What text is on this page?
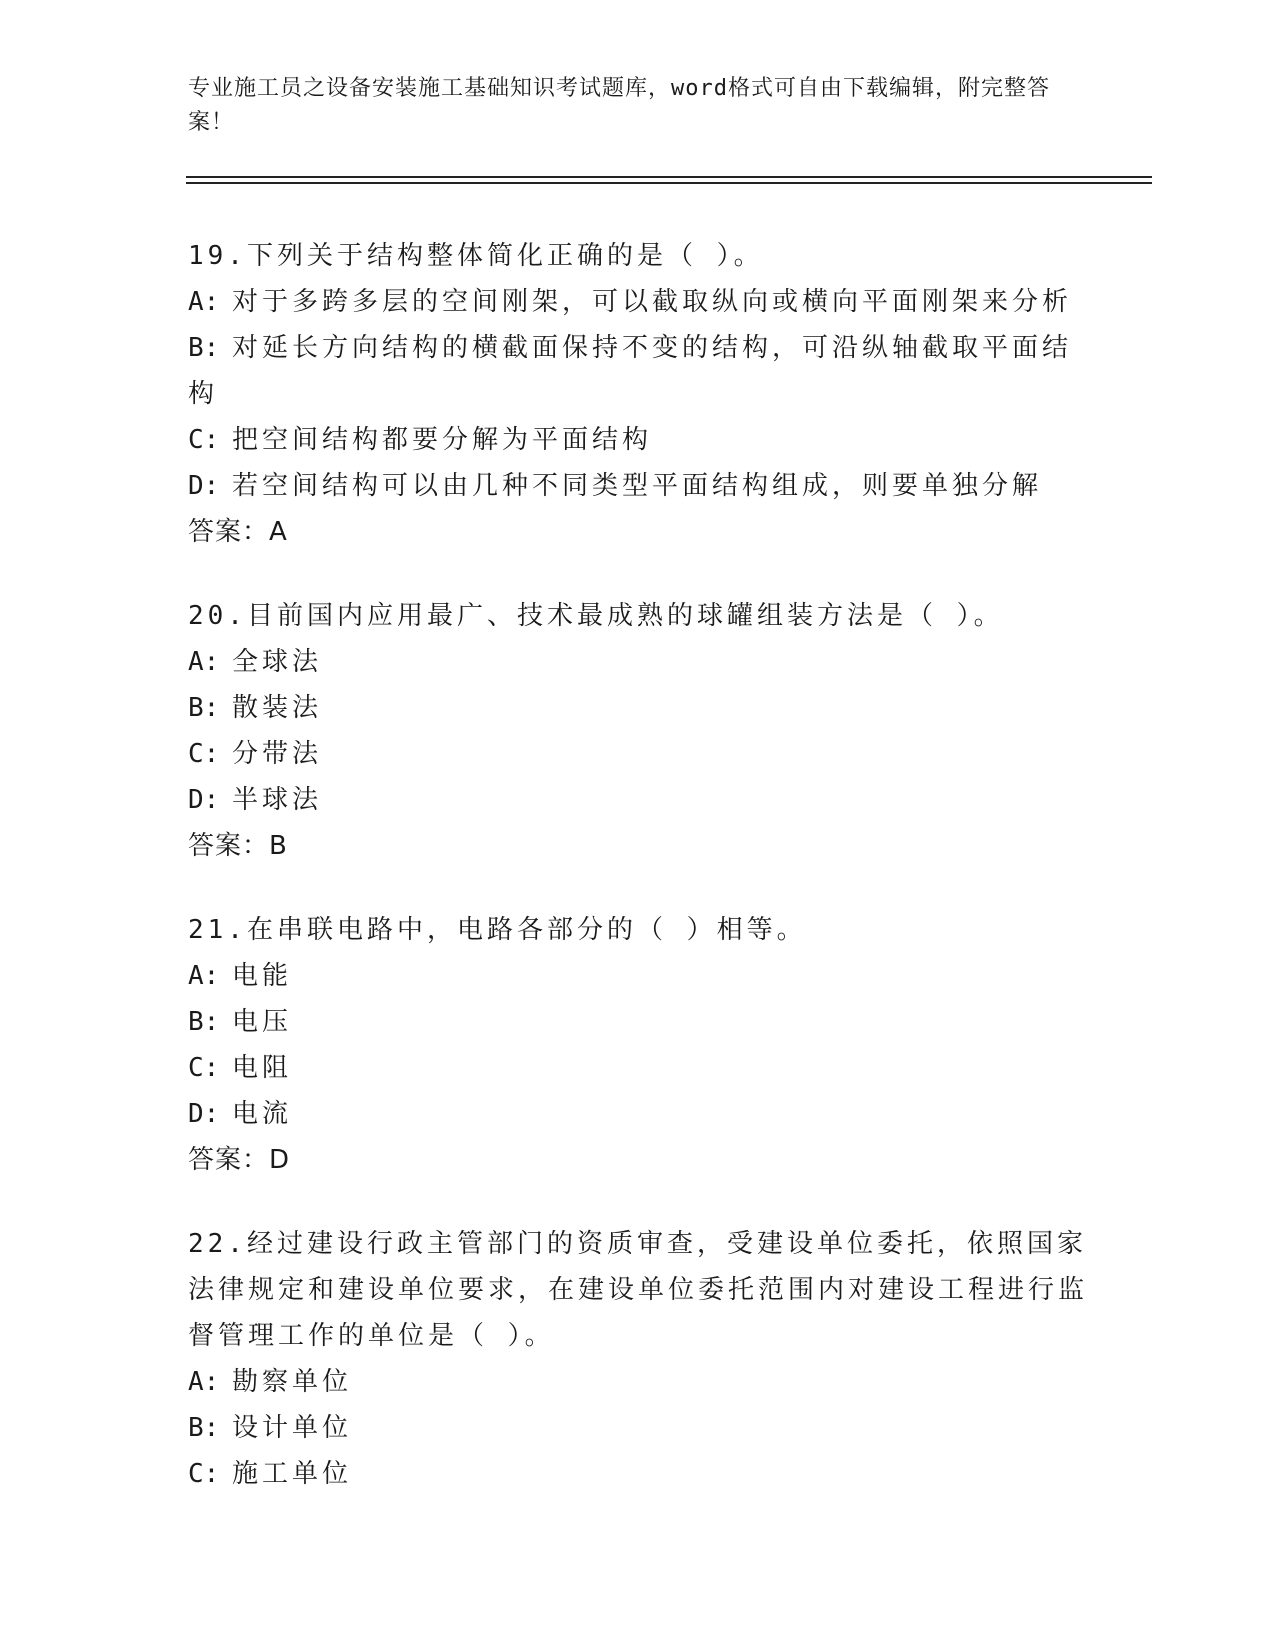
专业施工员之设备安装施工基础知识考试题库，word格式可自由下载编辑，附完整答案！
19.下列关于结构整体简化正确的是（ ）。
A: 对于多跨多层的空间刚架，可以截取纵向或横向平面刚架来分析
B: 对延长方向结构的横截面保持不变的结构，可沿纵轴截取平面结构
C: 把空间结构都要分解为平面结构
D: 若空间结构可以由几种不同类型平面结构组成，则要单独分解
答案：A
20.目前国内应用最广、技术最成熟的球罐组装方法是（ ）。
A: 全球法
B: 散装法
C: 分带法
D: 半球法
答案：B
21.在串联电路中，电路各部分的（ ）相等。
A: 电能
B: 电压
C: 电阻
D: 电流
答案：D
22.经过建设行政主管部门的资质审查，受建设单位委托，依照国家法律规定和建设单位要求，在建设单位委托范围内对建设工程进行监督管理工作的单位是（ ）。
A: 勘察单位
B: 设计单位
C: 施工单位
